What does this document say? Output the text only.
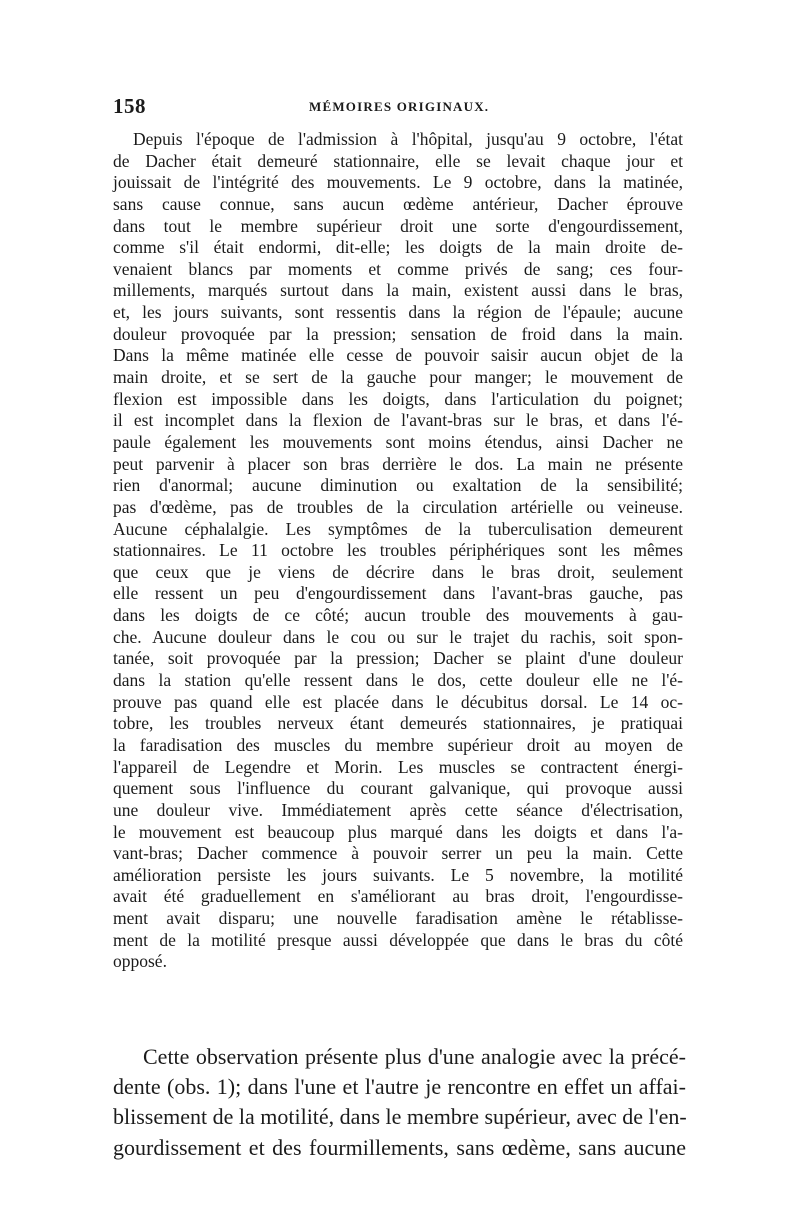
158	MÉMOIRES ORIGINAUX.
Depuis l'époque de l'admission à l'hôpital, jusqu'au 9 octobre, l'état
de Dacher était demeuré stationnaire, elle se levait chaque jour et
jouissait de l'intégrité des mouvements. Le 9 octobre, dans la matinée,
sans cause connue, sans aucun œdème antérieur, Dacher éprouve
dans tout le membre supérieur droit une sorte d'engourdissement,
comme s'il était endormi, dit-elle; les doigts de la main droite de-
venaient blancs par moments et comme privés de sang; ces four-
millements, marqués surtout dans la main, existent aussi dans le bras,
et, les jours suivants, sont ressentis dans la région de l'épaule; aucune
douleur provoquée par la pression; sensation de froid dans la main.
Dans la même matinée elle cesse de pouvoir saisir aucun objet de la
main droite, et se sert de la gauche pour manger; le mouvement de
flexion est impossible dans les doigts, dans l'articulation du poignet;
il est incomplet dans la flexion de l'avant-bras sur le bras, et dans l'é-
paule également les mouvements sont moins étendus, ainsi Dacher ne
peut parvenir à placer son bras derrière le dos. La main ne présente
rien d'anormal; aucune diminution ou exaltation de la sensibilité;
pas d'œdème, pas de troubles de la circulation artérielle ou veineuse.
Aucune céphalalgie. Les symptômes de la tuberculisation demeurent
stationnaires. Le 11 octobre les troubles périphériques sont les mêmes
que ceux que je viens de décrire dans le bras droit, seulement
elle ressent un peu d'engourdissement dans l'avant-bras gauche, pas
dans les doigts de ce côté; aucun trouble des mouvements à gau-
che. Aucune douleur dans le cou ou sur le trajet du rachis, soit spon-
tanée, soit provoquée par la pression; Dacher se plaint d'une douleur
dans la station qu'elle ressent dans le dos, cette douleur elle ne l'é-
prouve pas quand elle est placée dans le décubitus dorsal. Le 14 oc-
tobre, les troubles nerveux étant demeurés stationnaires, je pratiquai
la faradisation des muscles du membre supérieur droit au moyen de
l'appareil de Legendre et Morin. Les muscles se contractent énergi-
quement sous l'influence du courant galvanique, qui provoque aussi
une douleur vive. Immédiatement après cette séance d'électrisation,
le mouvement est beaucoup plus marqué dans les doigts et dans l'a-
vant-bras; Dacher commence à pouvoir serrer un peu la main. Cette
amélioration persiste les jours suivants. Le 5 novembre, la motilité
avait été graduellement en s'améliorant au bras droit, l'engourdisse-
ment avait disparu; une nouvelle faradisation amène le rétablisse-
ment de la motilité presque aussi développée que dans le bras du côté
opposé.
Cette observation présente plus d'une analogie avec la précé-
dente (obs. 1); dans l'une et l'autre je rencontre en effet un affai-
blissement de la motilité, dans le membre supérieur, avec de l'en-
gourdissement et des fourmillements, sans œdème, sans aucune
